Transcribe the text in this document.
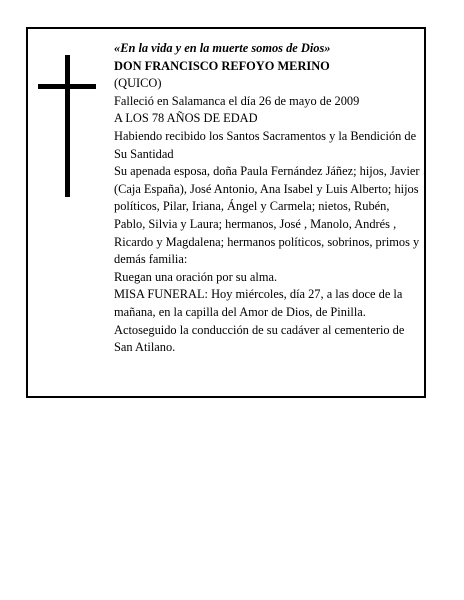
«En la vida y en la muerte somos de Dios»

DON FRANCISCO REFOYO MERINO

(QUICO)

Falleció en Salamanca el día 26 de mayo de 2009

A LOS 78 AÑOS DE EDAD

Habiendo recibido los Santos Sacramentos y la Bendición de Su Santidad

Su apenada esposa, doña Paula Fernández Jáñez; hijos, Javier (Caja España), José Antonio, Ana Isabel y Luis Alberto; hijos políticos, Pilar, Iriana, Ángel y Carmela; nietos, Rubén, Pablo, Silvia y Laura; hermanos, José , Manolo, Andrés , Ricardo y Magdalena; hermanos políticos, sobrinos, primos y demás familia:

Ruegan una oración por su alma.

MISA FUNERAL: Hoy miércoles, día 27, a las doce de la mañana, en la capilla del Amor de Dios, de Pinilla. Actoseguido la conducción de su cadáver al cementerio de San Atilano.
